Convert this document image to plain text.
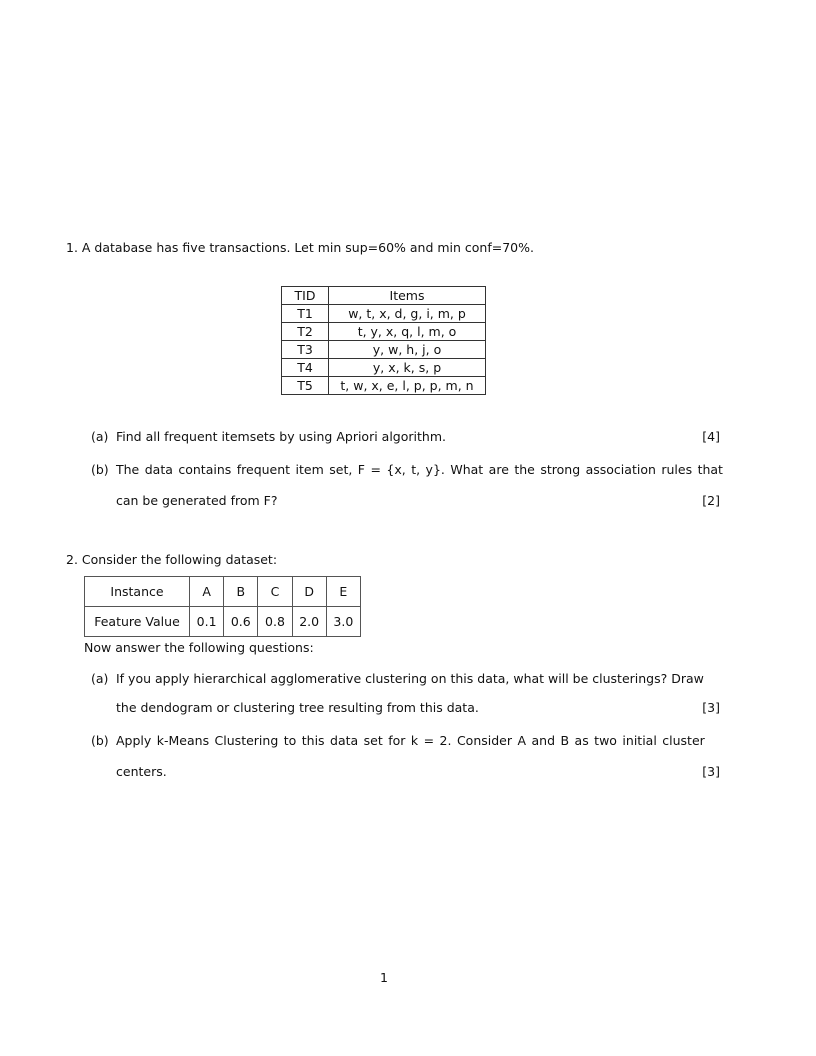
1. A database has five transactions. Let min sup=60% and min conf=70%.
TID	Items
T1	w, t, x, d, g, i, m, p
T2	t, y, x, q, l, m, o
T3	y, w, h, j, o
T4	y, x, k, s, p
T5	t, w, x, e, l, p, p, m, n
(a) Find all frequent itemsets by using Apriori algorithm.	[4]
(b) The data contains frequent item set, F = {x, t, y}. What are the strong association rules that
can be generated from F?	[2]
2. Consider the following dataset:
Instance	A	B	C	D	E
Feature Value	0.1	0.6	0.8	2.0	3.0
Now answer the following questions:
(a) If you apply hierarchical agglomerative clustering on this data, what will be clusterings? Draw
the dendogram or clustering tree resulting from this data.	[3]
(b) Apply k-Means Clustering to this data set for k = 2. Consider A and B as two initial cluster
centers.	[3]
1
